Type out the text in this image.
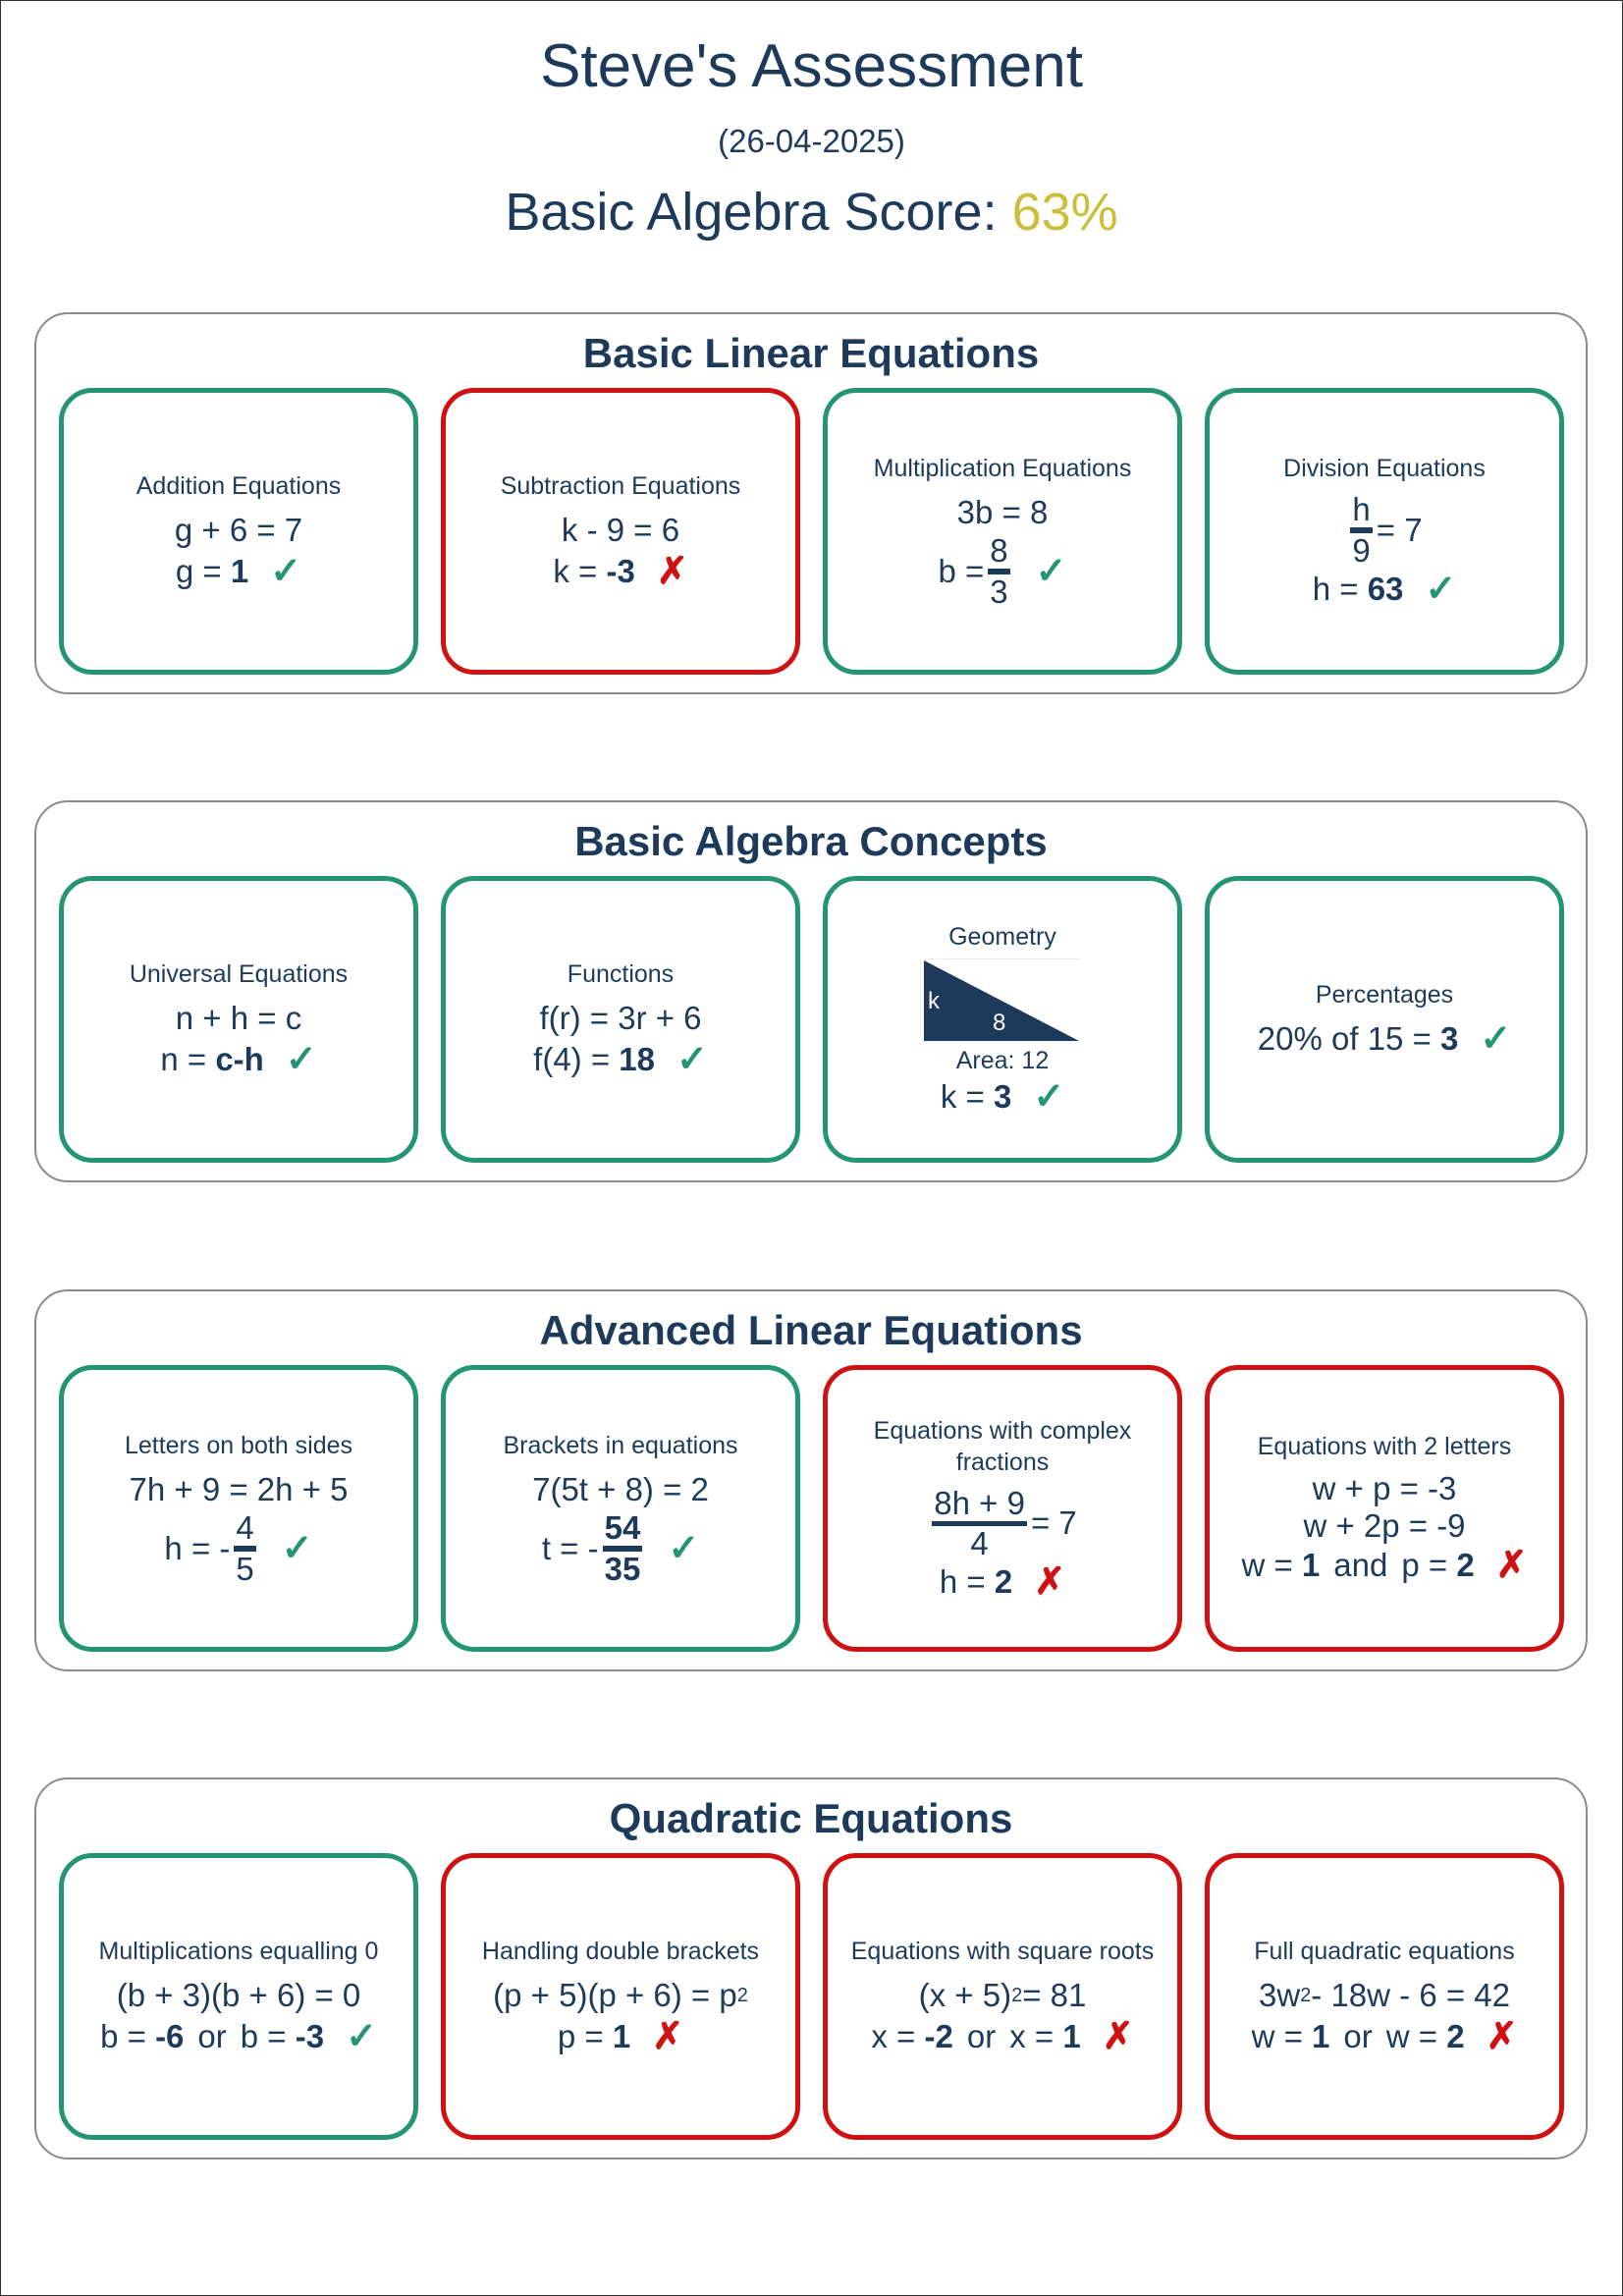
Steve's Assessment
(26-04-2025)
Basic Algebra Score: 63%
Basic Linear Equations
Addition Equations
g + 6 = 7
g =
1 ✓
Subtraction Equations
k - 9 = 6
k =
-3 ✗
Multiplication Equations
3b = 8
b =
8
3 ✓
Division Equations
h
9
= 7
h =
63 ✓
Basic Algebra Concepts
Universal Equations
n + h = c
n =
c-h ✓
Functions
f(r) = 3r + 6
f(4) =
18 ✓
Geometry
k
8
Area: 12
k =
3 ✓
Percentages
20% of 15 =
3 ✓
Advanced Linear Equations
Letters on both sides
7h + 9 = 2h + 5
h = -
4
5 ✓
Brackets in equations
7(5t + 8) = 2
t = -
54
35 ✓
Equations with complex fractions
8h + 9
4
= 7
h =
2 ✗
Equations with 2 letters
w + p = -3
w + 2p = -9
w =
1 and p =
2 ✗
Quadratic Equations
Multiplications equalling 0
(b + 3)(b + 6) = 0
b =
-6 or b =
-3 ✓
Handling double brackets
(p + 5)(p + 6) = p 2
p =
1 ✗
Equations with square roots
(x + 5) 2 = 81
x =
-2 or x =
1 ✗
Full quadratic equations
3w 2 - 18w - 6 = 42
w =
1 or w =
2 ✗
